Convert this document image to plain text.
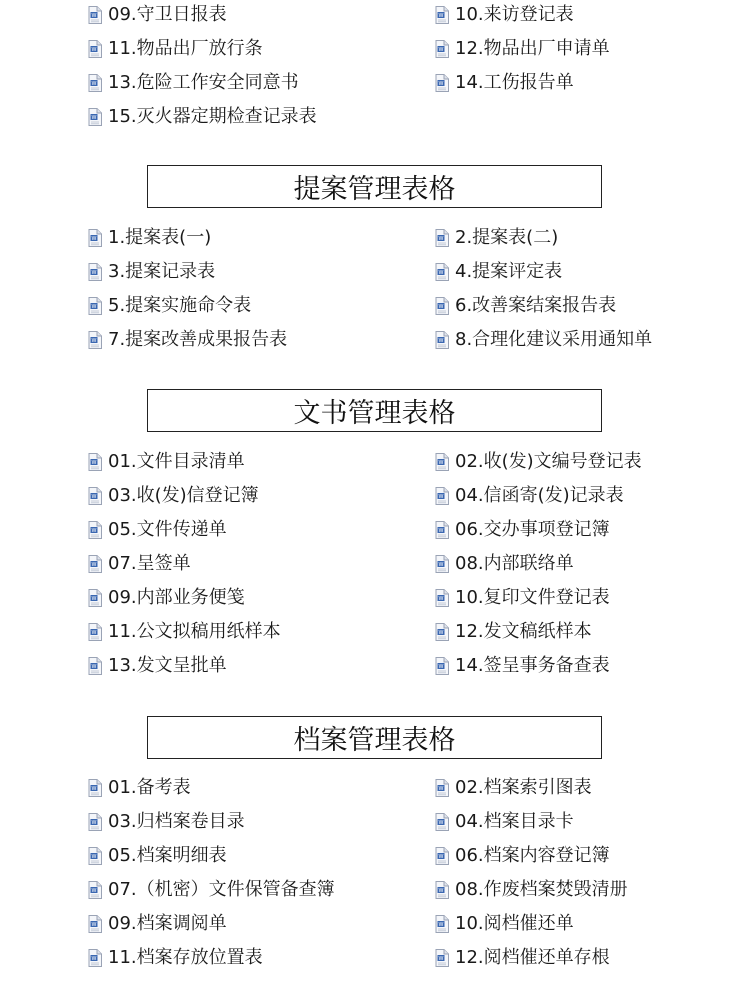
W 09.守卫日报表	W 10.来访登记表
W 11.物品出厂放行条	W 12.物品出厂申请单
W 13.危险工作安全同意书	W 14.工伤报告单
W 15.灭火器定期检查记录表
提案管理表格
W 1.提案表(一)	W 2.提案表(二)
W 3.提案记录表	W 4.提案评定表
W 5.提案实施命令表	W 6.改善案结案报告表
W 7.提案改善成果报告表	W 8.合理化建议采用通知单
文书管理表格
W 01.文件目录清单	W 02.收(发)文编号登记表
W 03.收(发)信登记簿	W 04.信函寄(发)记录表
W 05.文件传递单	W 06.交办事项登记簿
W 07.呈签单	W 08.内部联络单
W 09.内部业务便笺	W 10.复印文件登记表
W 11.公文拟稿用纸样本	W 12.发文稿纸样本
W 13.发文呈批单	W 14.签呈事务备查表
档案管理表格
W 01.备考表	W 02.档案索引图表
W 03.归档案卷目录	W 04.档案目录卡
W 05.档案明细表	W 06.档案内容登记簿
W 07.（机密）文件保管备查簿	W 08.作废档案焚毁清册
W 09.档案调阅单	W 10.阅档催还单
W 11.档案存放位置表	W 12.阅档催还单存根
